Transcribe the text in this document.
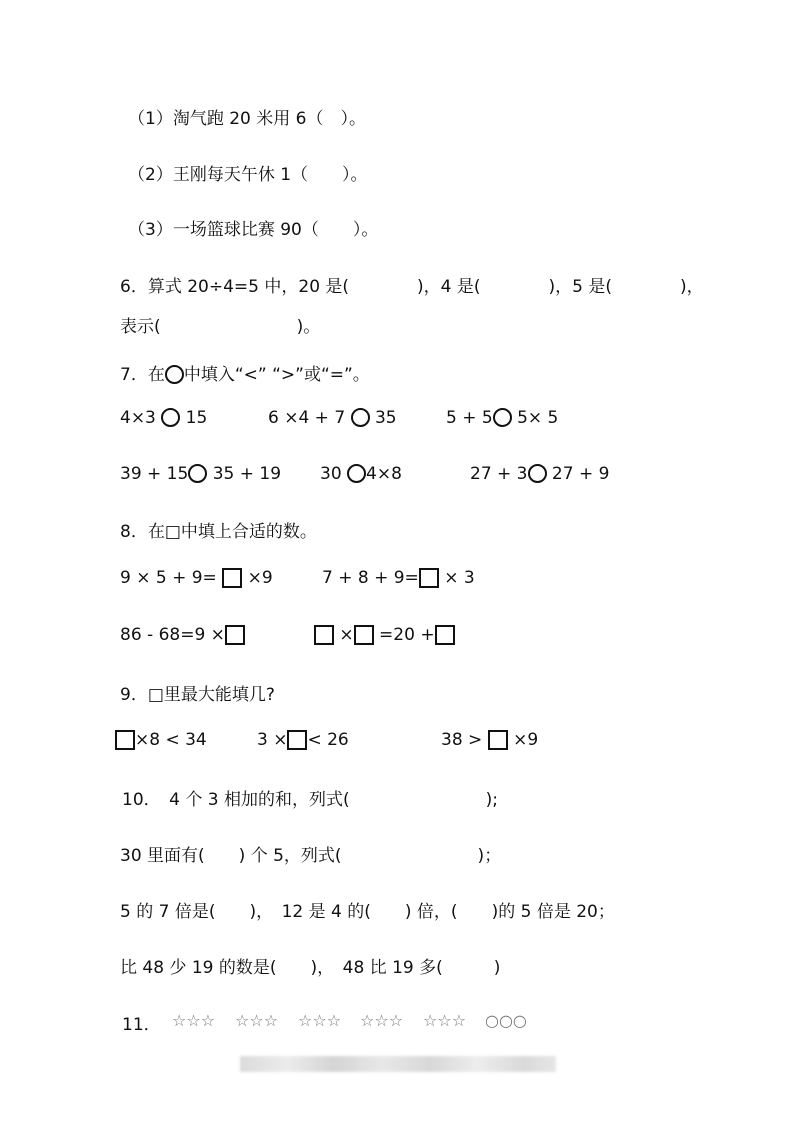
（1）淘气跑 20 米用 6（　）。
（2）王刚每天午休 1（　　）。
（3）一场篮球比赛 90（　　）。
6．算式 20÷4=5 中，20 是(　　　　)，4 是(　　　　)，5 是(　　　　)，
表示(　　　　　　　　)。
7．在 中填入“<” “>”或“=”。
4×3  15	6 ×4 + 7  35	5 + 5 5× 5
39 + 15 35 + 19 30 4×8	27 + 3 27 + 9
8．在□中填上合适的数。
9 × 5 + 9=  ×9	7 + 8 + 9= × 3
86 - 68=9 ×	× =20 +
9．□里最大能填几?
×8 < 34	3 × < 26	38 >  ×9
10．　4 个 3 相加的和，列式(　　　　　　　　);
30 里面有(　　) 个 5，列式(　　　　　　　　)；
5 的 7 倍是(　　)，　12 是 4 的(　　) 倍，(　　)的 5 倍是 20；
比 48 少 19 的数是(　　)，　48 比 19 多(　　　)
11． ☆☆☆ ☆☆☆ ☆☆☆ ☆☆☆ ☆☆☆ ○○○
